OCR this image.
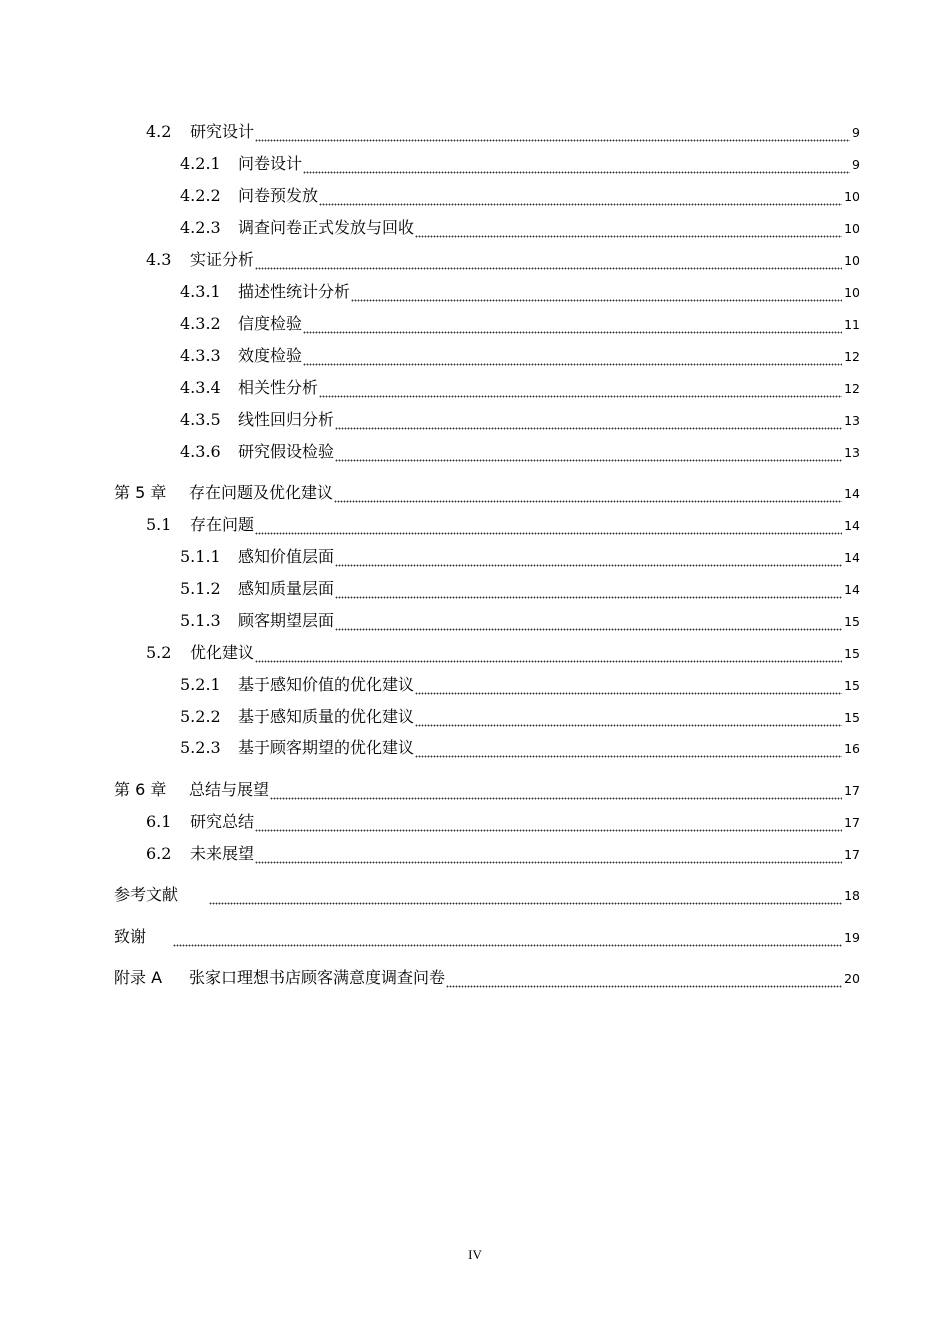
4.2	研究设计	9
4.2.1	问卷设计	9
4.2.2	问卷预发放	10
4.2.3	调查问卷正式发放与回收	10
4.3	实证分析	10
4.3.1	描述性统计分析	10
4.3.2	信度检验	11
4.3.3	效度检验	12
4.3.4	相关性分析	12
4.3.5	线性回归分析	13
4.3.6	研究假设检验	13
第 5 章	存在问题及优化建议	14
5.1	存在问题	14
5.1.1	感知价值层面	14
5.1.2	感知质量层面	14
5.1.3	顾客期望层面	15
5.2	优化建议	15
5.2.1	基于感知价值的优化建议	15
5.2.2	基于感知质量的优化建议	15
5.2.3	基于顾客期望的优化建议	16
第 6 章	总结与展望	17
6.1	研究总结	17
6.2	未来展望	17
参考文献	18
致谢	19
附录 A	张家口理想书店顾客满意度调查问卷	20
IV
